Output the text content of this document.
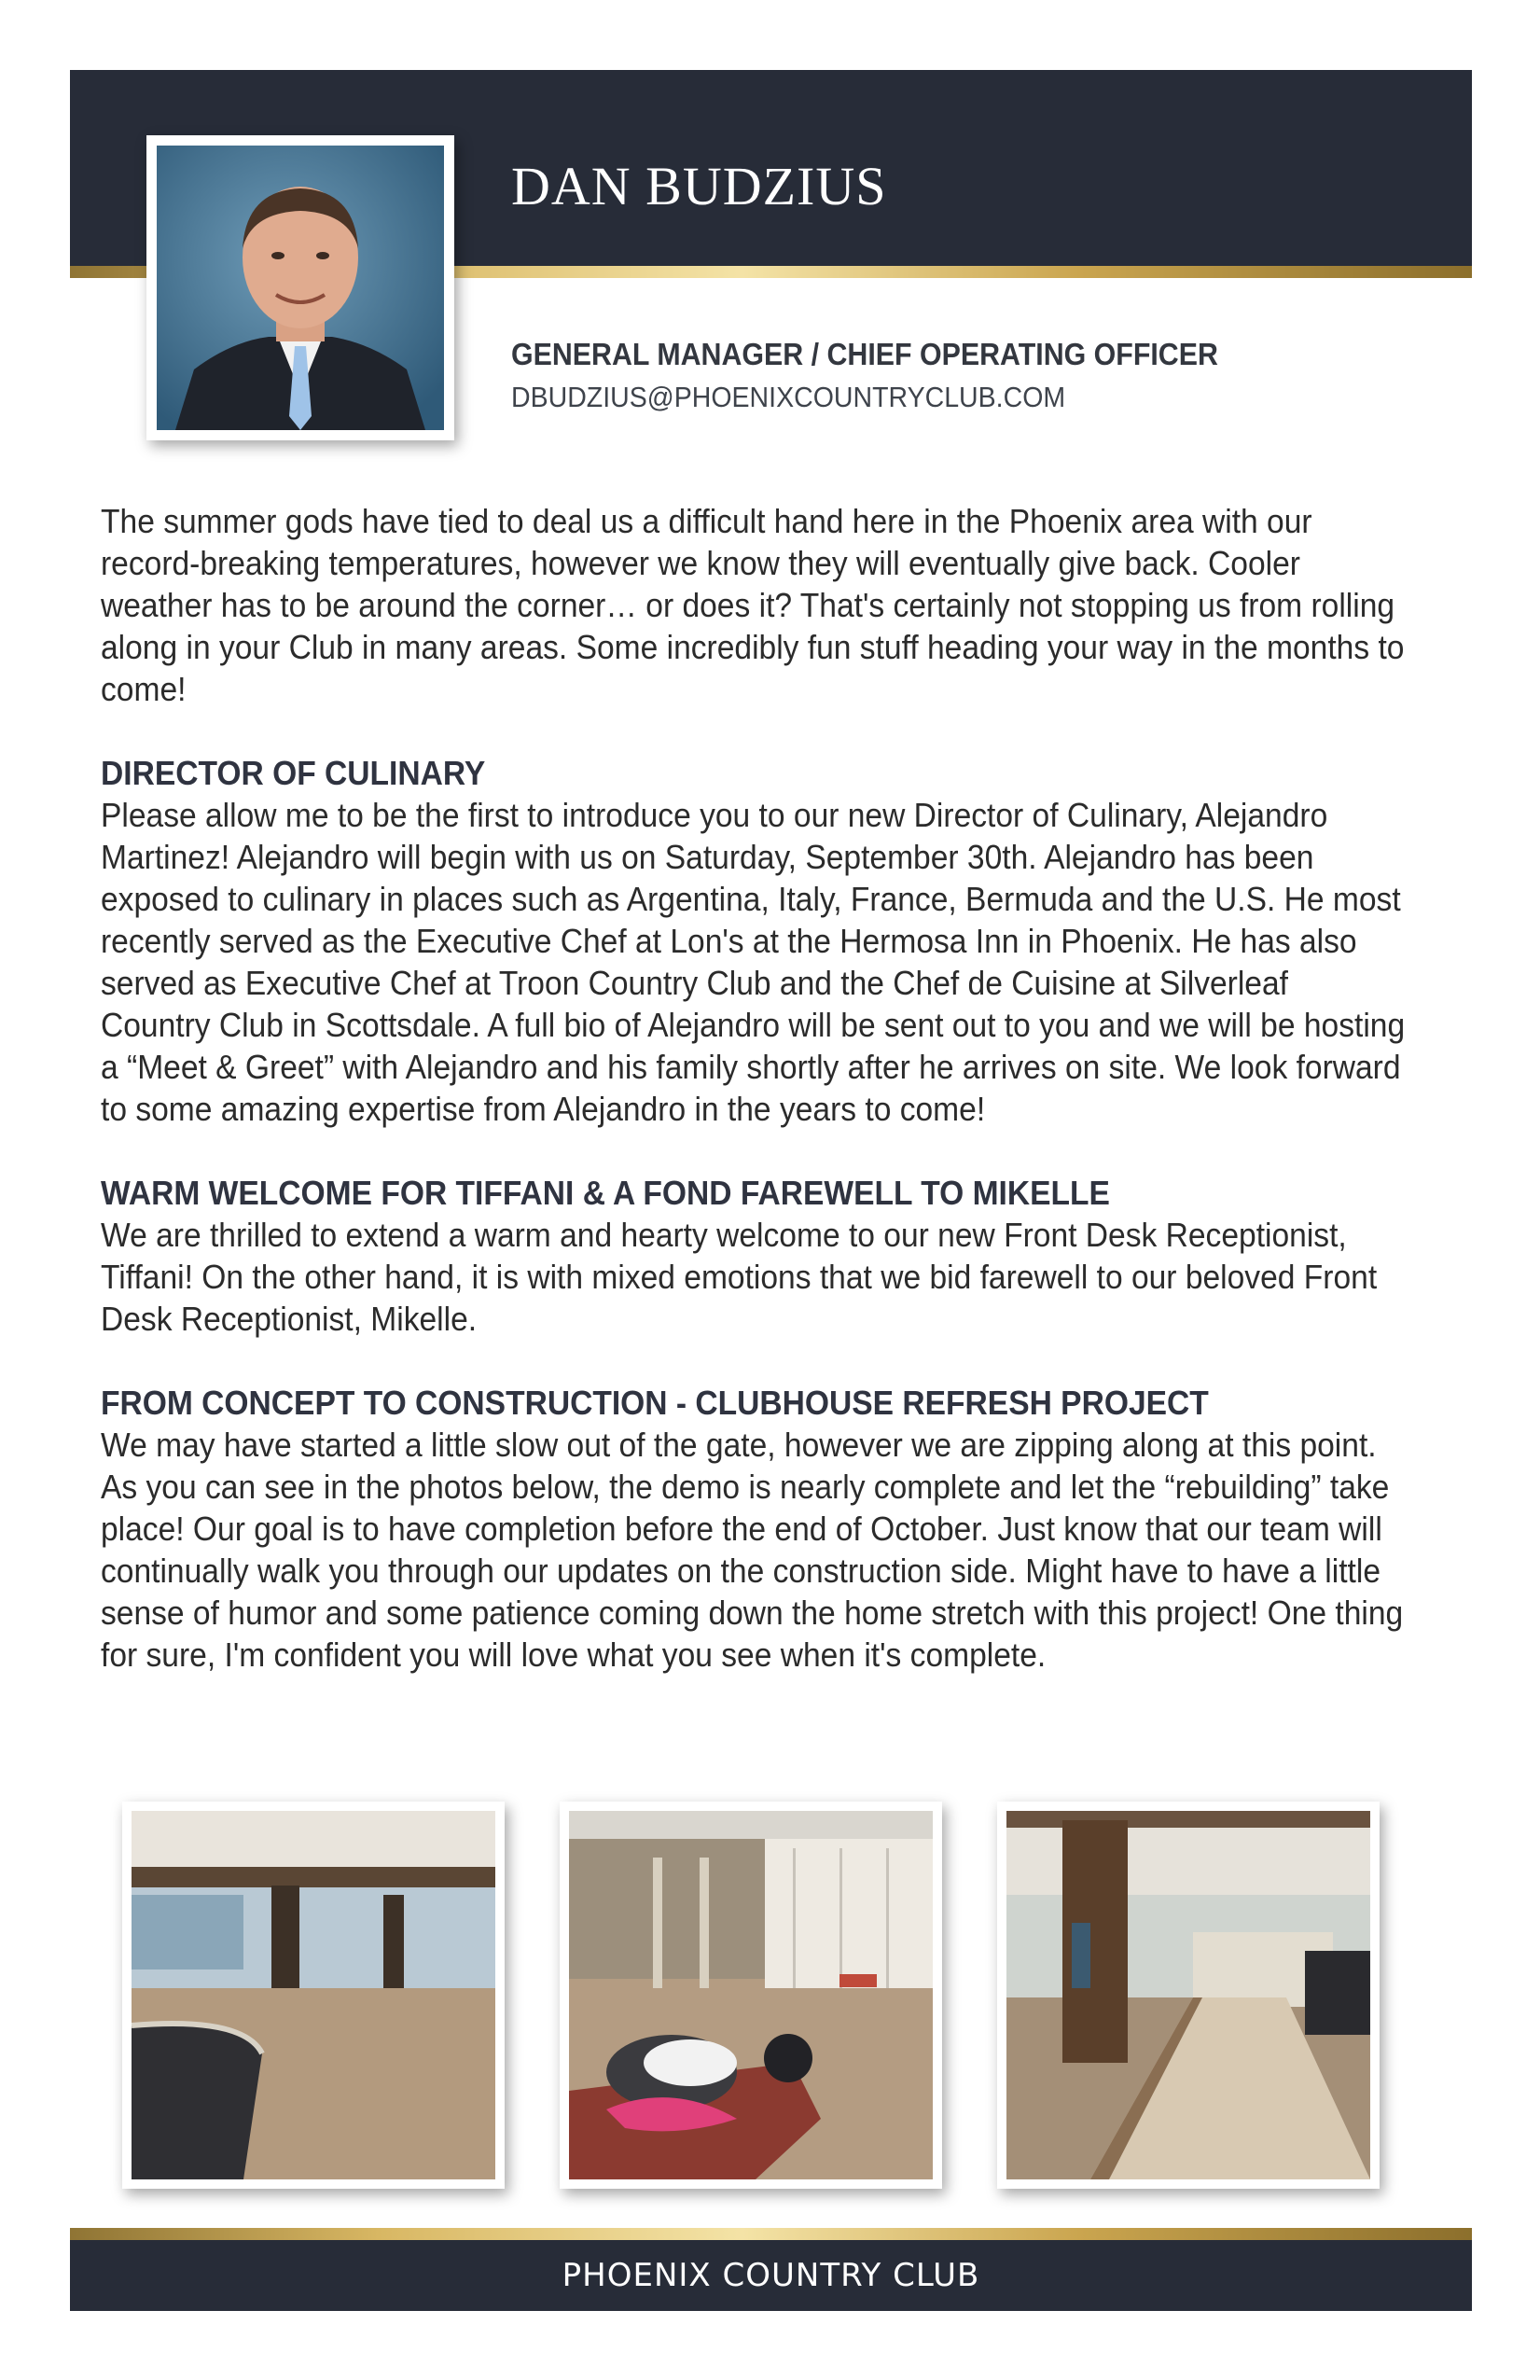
DAN BUDZIUS

GENERAL MANAGER / CHIEF OPERATING OFFICER

DBUDZIUS@PHOENIXCOUNTRYCLUB.COM

The summer gods have tied to deal us a difficult hand here in the Phoenix area with our record-breaking temperatures, however we know they will eventually give back. Cooler weather has to be around the corner… or does it? That's certainly not stopping us from rolling along in your Club in many areas. Some incredibly fun stuff heading your way in the months to come!

DIRECTOR OF CULINARY

Please allow me to be the first to introduce you to our new Director of Culinary, Alejandro Martinez! Alejandro will begin with us on Saturday, September 30th. Alejandro has been exposed to culinary in places such as Argentina, Italy, France, Bermuda and the U.S. He most recently served as the Executive Chef at Lon's at the Hermosa Inn in Phoenix. He has also served as Executive Chef at Troon Country Club and the Chef de Cuisine at Silverleaf Country Club in Scottsdale. A full bio of Alejandro will be sent out to you and we will be hosting a “Meet & Greet” with Alejandro and his family shortly after he arrives on site. We look forward to some amazing expertise from Alejandro in the years to come!

WARM WELCOME FOR TIFFANI & A FOND FAREWELL TO MIKELLE

We are thrilled to extend a warm and hearty welcome to our new Front Desk Receptionist, Tiffani! On the other hand, it is with mixed emotions that we bid farewell to our beloved Front Desk Receptionist, Mikelle.

FROM CONCEPT TO CONSTRUCTION - CLUBHOUSE REFRESH PROJECT

We may have started a little slow out of the gate, however we are zipping along at this point. As you can see in the photos below, the demo is nearly complete and let the “rebuilding” take place! Our goal is to have completion before the end of October. Just know that our team will continually walk you through our updates on the construction side. Might have to have a little sense of humor and some patience coming down the home stretch with this project! One thing for sure, I'm confident you will love what you see when it's complete.

PHOENIX COUNTRY CLUB
